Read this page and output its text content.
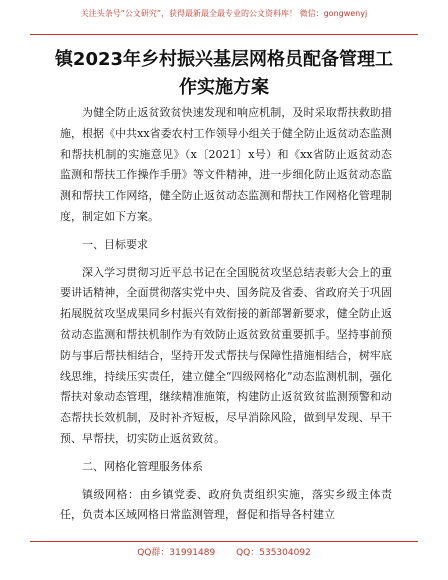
关注头条号“公文研究”，获得最新最全最专业的公文资料库！ 微信：gongwenyj
镇2023年乡村振兴基层网格员配备管理工作实施方案

为健全防止返贫致贫快速发现和响应机制，及时采取帮扶救助措施，根据《中共xx省委农村工作领导小组关于健全防止返贫动态监测和帮扶机制的实施意见》（x〔2021〕x号）和《xx省防止返贫动态监测和帮扶工作操作手册》等文件精神，进一步细化防止返贫动态监测和帮扶工作网络，健全防止返贫动态监测和帮扶工作网格化管理制度，制定如下方案。

一、目标要求

深入学习贯彻习近平总书记在全国脱贫攻坚总结表彰大会上的重要讲话精神，全面贯彻落实党中央、国务院及省委、省政府关于巩固拓展脱贫攻坚成果同乡村振兴有效衔接的新部署新要求，健全防止返贫动态监测和帮扶机制作为有效防止返贫致贫重要抓手。坚持事前预防与事后帮扶相结合，坚持开发式帮扶与保障性措施相结合，树牢底线思维，持续压实责任，建立健全“四级网格化”动态监测机制，强化帮扶对象动态管理，继续精准施策，构建防止返贫致贫监测预警和动态帮扶长效机制，及时补齐短板，尽早消除风险，做到早发现、早干预、早帮扶，切实防止返贫致贫。

二、网格化管理服务体系

镇级网格：由乡镇党委、政府负责组织实施，落实乡级主体责任，负责本区域网格日常监测管理，督促和指导各村建立

QQ群：31991489 QQ：535304092
